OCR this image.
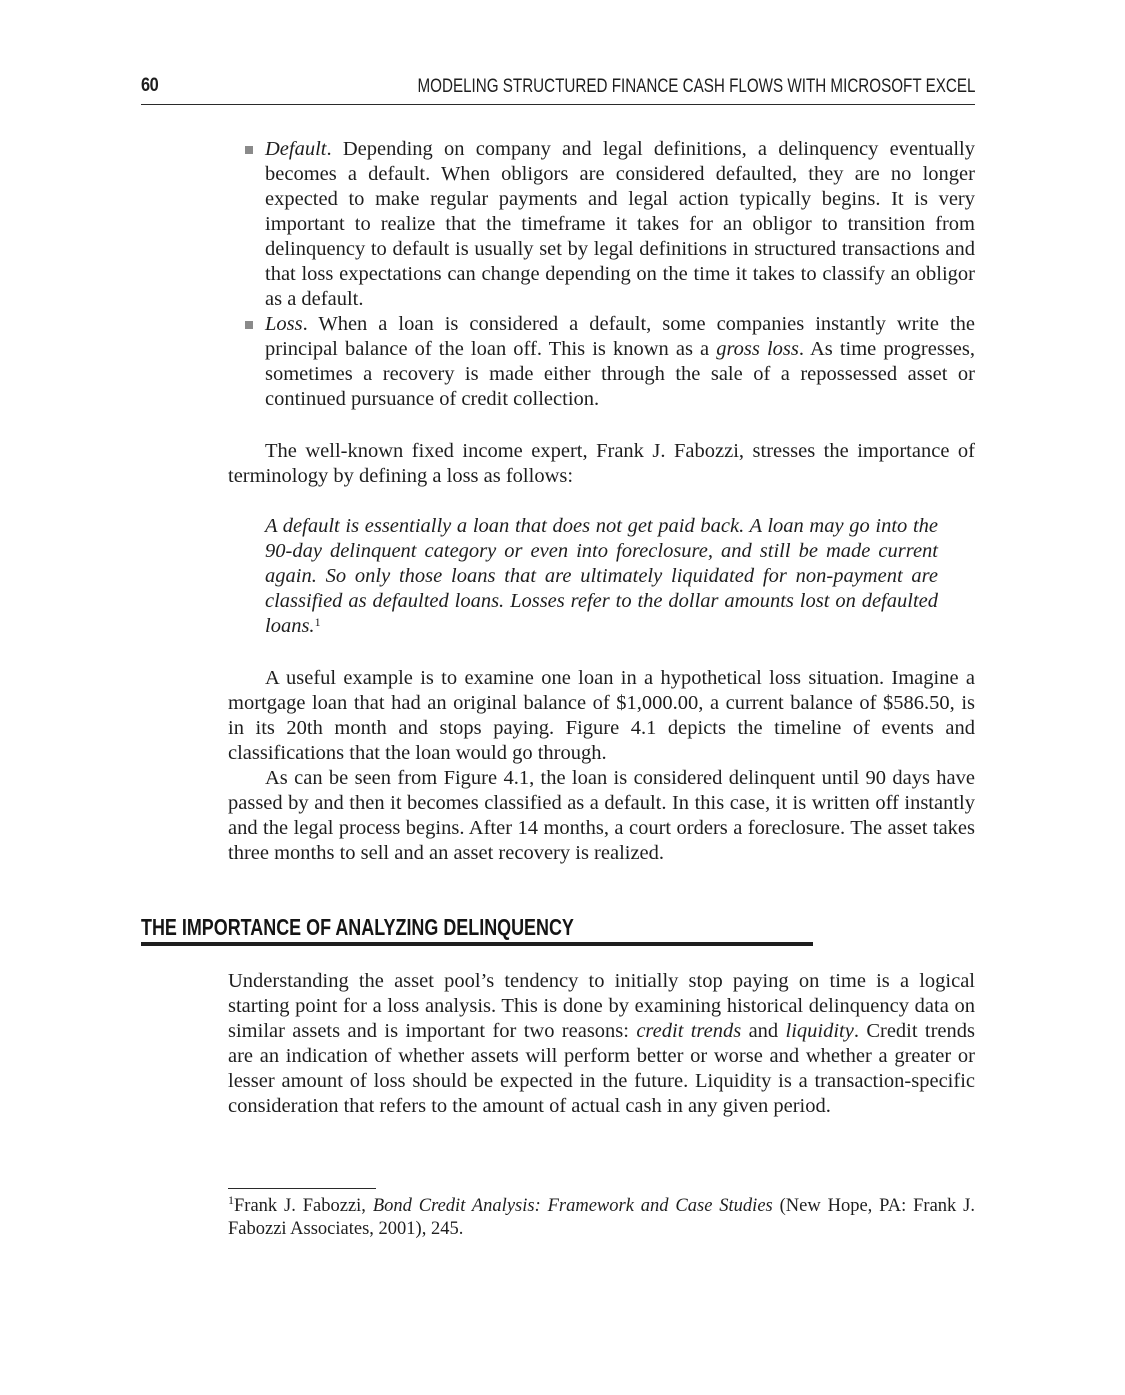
60	MODELING STRUCTURED FINANCE CASH FLOWS WITH MICROSOFT EXCEL
Default. Depending on company and legal definitions, a delinquency eventually becomes a default. When obligors are considered defaulted, they are no longer expected to make regular payments and legal action typically begins. It is very important to realize that the timeframe it takes for an obligor to transition from delinquency to default is usually set by legal definitions in structured transactions and that loss expectations can change depending on the time it takes to classify an obligor as a default.
Loss. When a loan is considered a default, some companies instantly write the principal balance of the loan off. This is known as a gross loss. As time progresses, sometimes a recovery is made either through the sale of a repossessed asset or continued pursuance of credit collection.

The well-known fixed income expert, Frank J. Fabozzi, stresses the importance of terminology by defining a loss as follows:

A default is essentially a loan that does not get paid back. A loan may go into the 90-day delinquent category or even into foreclosure, and still be made current again. So only those loans that are ultimately liquidated for non-payment are classified as defaulted loans. Losses refer to the dollar amounts lost on defaulted loans.$^1$

A useful example is to examine one loan in a hypothetical loss situation. Imagine a mortgage loan that had an original balance of $1,000.00, a current balance of $586.50, is in its 20th month and stops paying. Figure 4.1 depicts the timeline of events and classifications that the loan would go through.

As can be seen from Figure 4.1, the loan is considered delinquent until 90 days have passed by and then it becomes classified as a default. In this case, it is written off instantly and the legal process begins. After 14 months, a court orders a foreclosure. The asset takes three months to sell and an asset recovery is realized.

THE IMPORTANCE OF ANALYZING DELINQUENCY

Understanding the asset pool’s tendency to initially stop paying on time is a logical starting point for a loss analysis. This is done by examining historical delinquency data on similar assets and is important for two reasons: credit trends and liquidity. Credit trends are an indication of whether assets will perform better or worse and whether a greater or lesser amount of loss should be expected in the future. Liquidity is a transaction-specific consideration that refers to the amount of actual cash in any given period.

$^1$Frank J. Fabozzi, Bond Credit Analysis: Framework and Case Studies (New Hope, PA: Frank J. Fabozzi Associates, 2001), 245.
